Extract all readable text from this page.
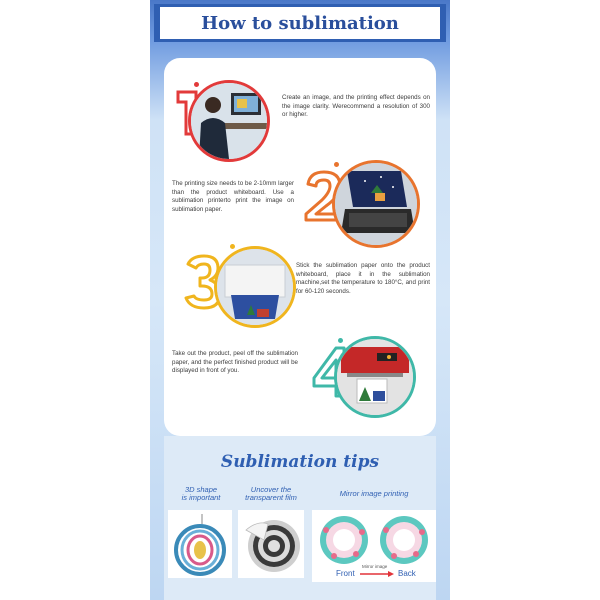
How to sublimation
Create an image, and the printing effect depends on the image clarity. Werecommend a resolution of 300 or higher.
The printing size needs to be 2-10mm larger than the product whiteboard. Use a sublimation printerto print the image on sublimation paper.
Stick the sublimation paper onto the product whiteboard, place it in the sublimation machine,set the temperature to 180°C, and print for 60-120 seconds.
Take out the product, peel off the sublimation paper, and the perfect finished product will be displayed in front of you.
Sublimation tips
3D shape
is important
Uncover the
transparent film	Mirror image printing
Mirror image
Front	Back
